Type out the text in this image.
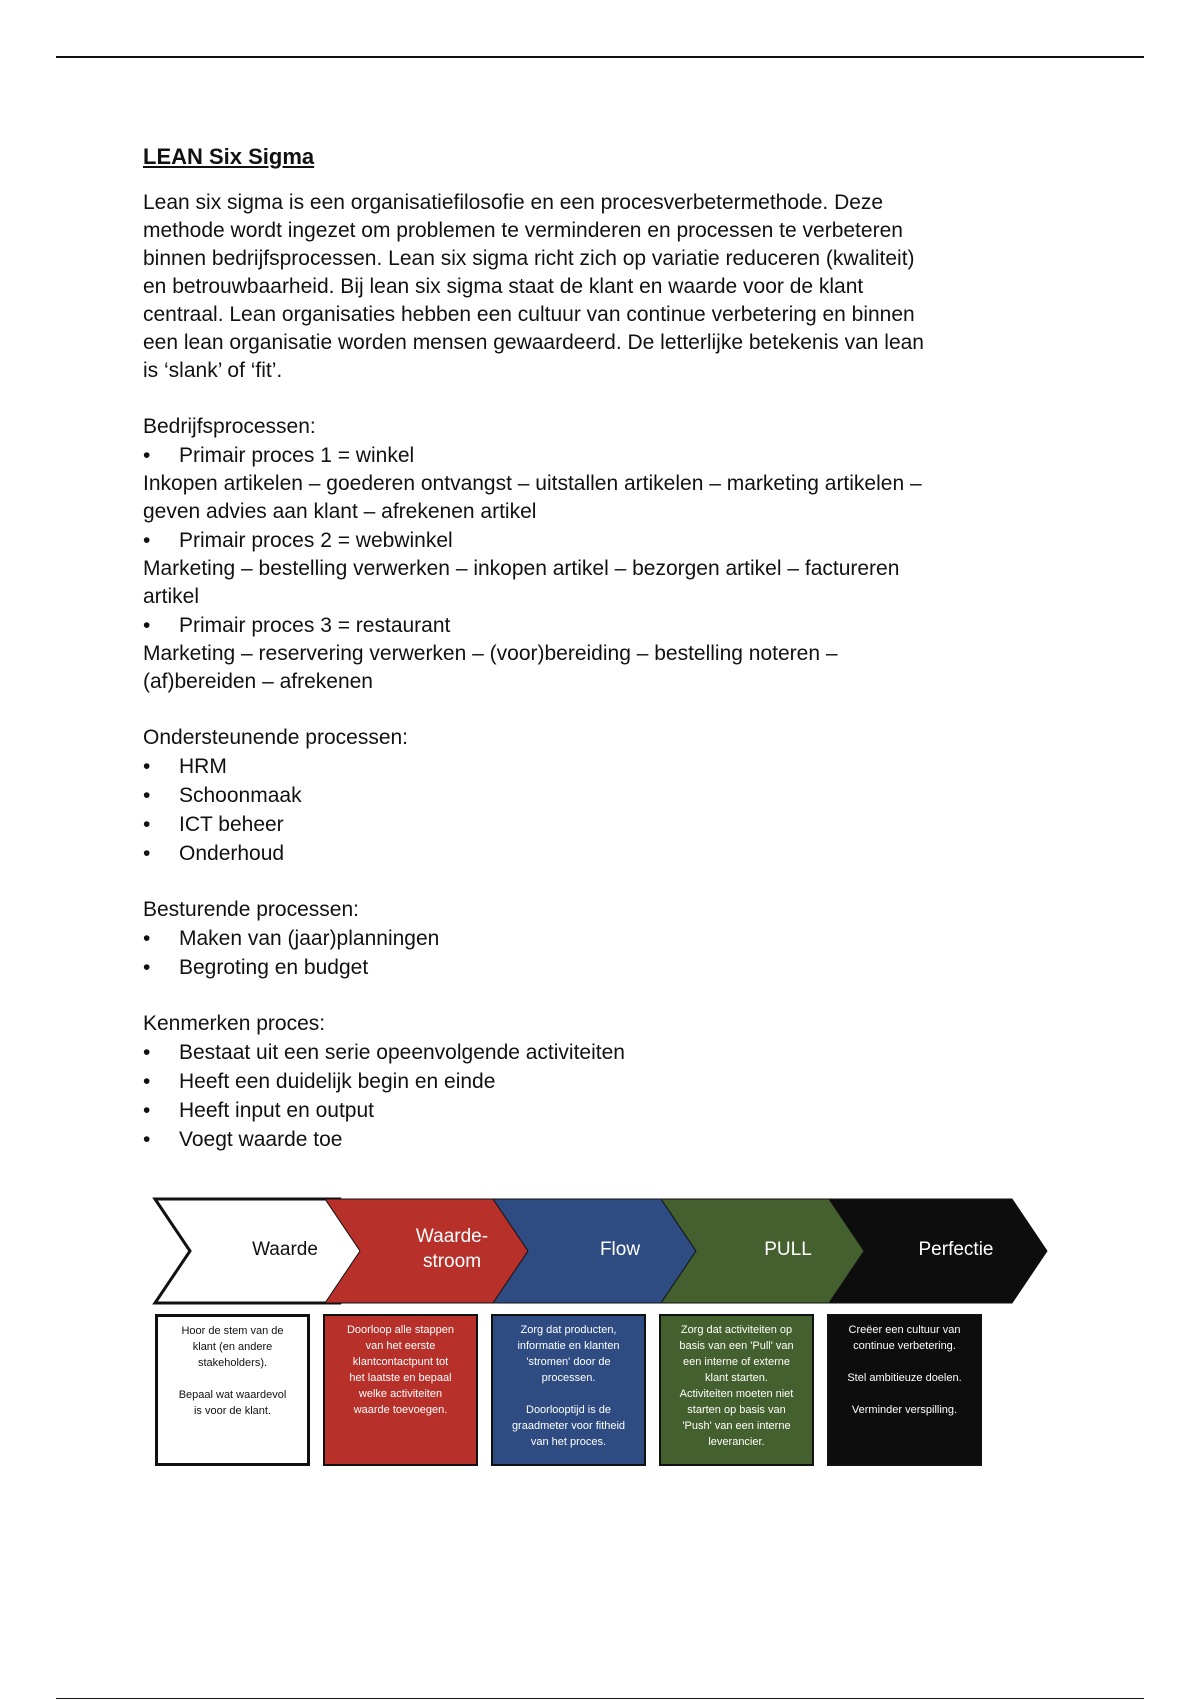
LEAN Six Sigma

Lean six sigma is een organisatiefilosofie en een procesverbetermethode. Deze

methode wordt ingezet om problemen te verminderen en processen te verbeteren

binnen bedrijfsprocessen. Lean six sigma richt zich op variatie reduceren (kwaliteit)

en betrouwbaarheid. Bij lean six sigma staat de klant en waarde voor de klant

centraal. Lean organisaties hebben een cultuur van continue verbetering en binnen

een lean organisatie worden mensen gewaardeerd. De letterlijke betekenis van lean

is ‘slank’ of ‘fit’.

Bedrijfsprocessen:

• Primair proces 1 = winkel

Inkopen artikelen – goederen ontvangst – uitstallen artikelen – marketing artikelen –

geven advies aan klant – afrekenen artikel

• Primair proces 2 = webwinkel

Marketing – bestelling verwerken – inkopen artikel – bezorgen artikel – factureren

artikel

• Primair proces 3 = restaurant

Marketing – reservering verwerken – (voor)bereiding – bestelling noteren –

(af)bereiden – afrekenen

Ondersteunende processen:

• HRM

• Schoonmaak

• ICT beheer

• Onderhoud

Besturende processen:

• Maken van (jaar)planningen

• Begroting en budget

Kenmerken proces:

• Bestaat uit een serie opeenvolgende activiteiten

• Heeft een duidelijk begin en einde

• Heeft input en output

• Voegt waarde toe

Waarde
Waarde-
stroom
Flow	PULL	Perfectie
Hoor de stem van de
klant (en andere
stakeholders).
Bepaal wat waardevol
is voor de klant.
Doorloop alle stappen
van het eerste
klantcontactpunt tot
het laatste en bepaal
welke activiteiten
waarde toevoegen.
Zorg dat producten,
informatie en klanten
'stromen' door de
processen.
Doorlooptijd is de
graadmeter voor fitheid
van het proces.
Zorg dat activiteiten op
basis van een 'Pull' van
een interne of externe
klant starten.
Activiteiten moeten niet
starten op basis van
'Push' van een interne
leverancier.
Creëer een cultuur van
continue verbetering.
Stel ambitieuze doelen.

Verminder verspilling.
